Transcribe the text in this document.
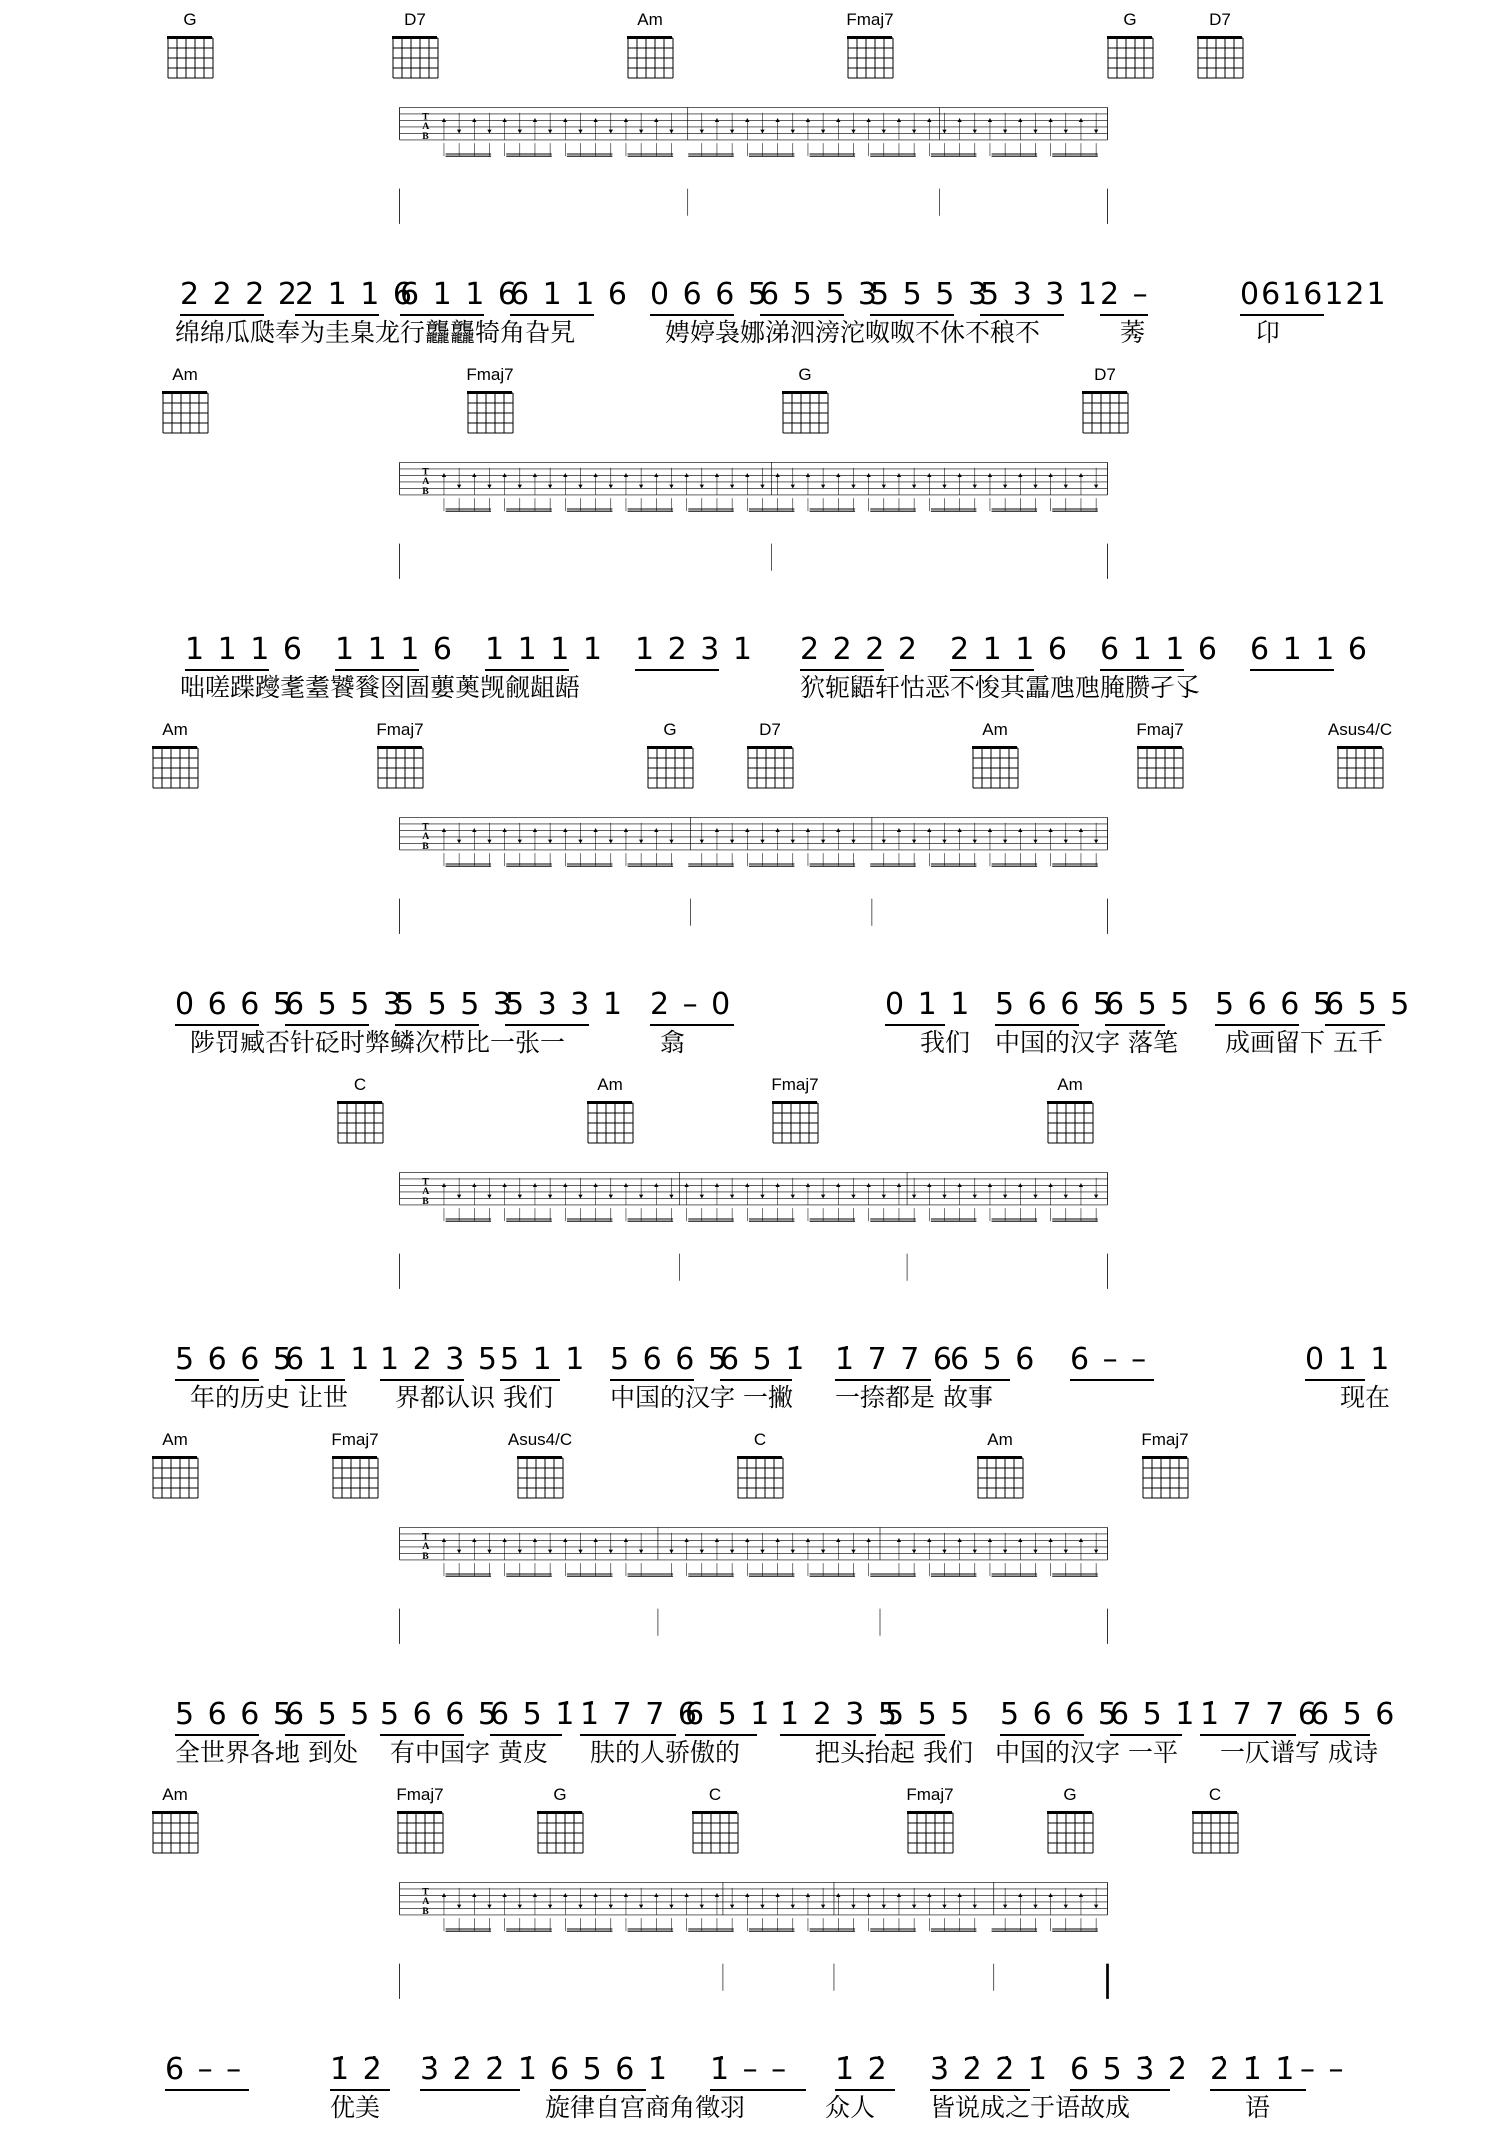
G	D7	Am	Fmaj7	G	D7
T
A
B
2 2 2 2
2 1 1 6
6 1 1 6
6 1 1 6 0 6 6 5
6 5 5 3
5 5 5 3
5 3 3 1 2 –	0616121
绵绵瓜瓞奉为圭臬龙行龘龘犄角旮旯	娉婷袅娜涕泗滂沱呶呶不休不稂不	莠	卬
Am	Fmaj7	G	D7
T
A
B
1 1 1 6 1 1 1 6 1 1 1 1 1 2 3 1 2 2 2 2 2 1 1 6 6 1 1 6 6 1 1 6
咄嗟蹀躞耄耋饕餮囹圄蘡薁觊觎龃龉	狖轭鼯轩怙恶不悛其靁虺虺腌臜孑孓
Am	Fmaj7	G	D7	Am	Fmaj7	Asus4/C
T
A
B
0 6 6 5
6 5 5 3
5 5 5 3
5 3 3 1 2 – 0	0 1 1 5 6 6 5
6 5 5 5 6 6 5
6 5 5
陟罚臧否针砭时弊鳞次栉比一张一	翕	我们 中国的汉字 落笔 成画留下 五千
C	Am	Fmaj7	Am
T
A
B
5 6 6 5
6 1 1 1 2 3 5 5 1 1 5 6 6 5
6 5 1̇ 1̇ 7 7 6
6 5 6 6 – –	0 1 1
年的历史 让世 界都认识 我们 中国的汉字 一撇 一捺都是 故事	现在
Am	Fmaj7	Asus4/C	C	Am	Fmaj7
T
A
B
5 6 6 5
6 5 5 5 6 6 5
6 5 1̇ 1̇ 7 7 6
6 5 1̇ 1̇ 2 3 5
5 5 5 5 6 6 5
6 5 1̇ 1̇ 7 7 6
6 5 6
全世界各地 到处 有中国字 黄皮 肤的人骄傲的	把头抬起 我们 中国的汉字 一平 一仄谱写 成诗
Am	Fmaj7	G	C	Fmaj7	G	C
T
A
B
6 – –	1̇ 2̇ 3̇ 2̇ 2̇ 1̇ 6 5 6 1̇ 1̇ – – 1̇ 2̇ 3̇ 2̇ 2̇ 1̇ 6 5 3̇ 2̇ 2̇ 1̇ 1̇ – –
优美	旋律自宫商角徵羽	众人 皆说成之于语故成	语
